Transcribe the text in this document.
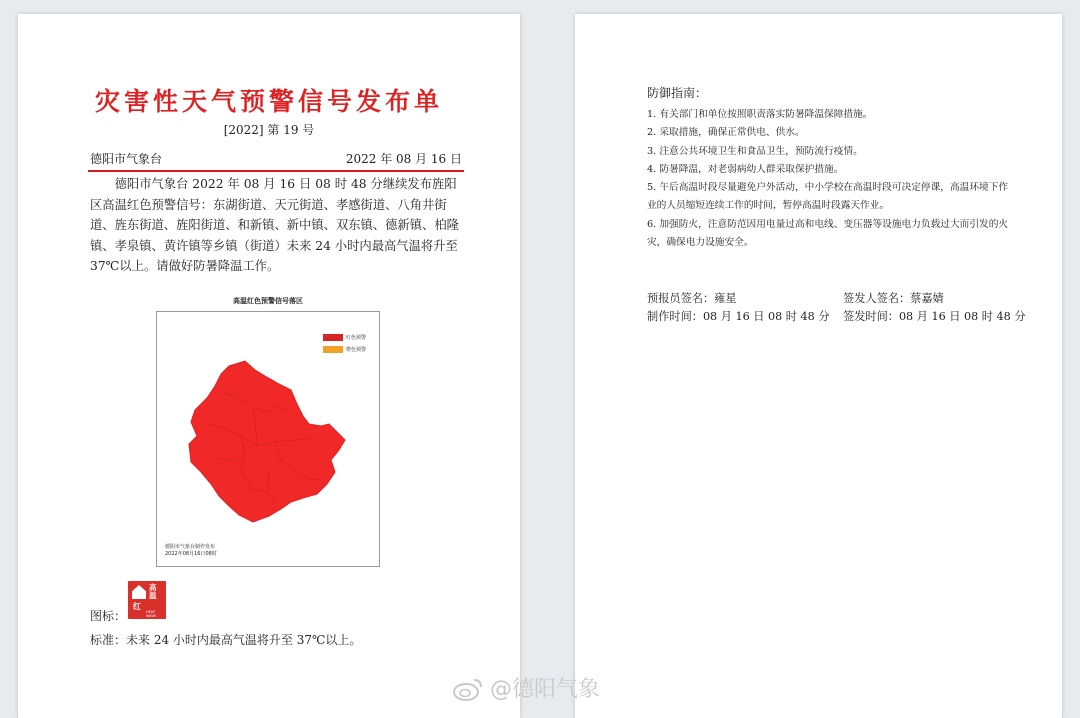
灾害性天气预警信号发布单
[2022] 第 19 号
德阳市气象台	2022 年 08 月 16 日
德阳市气象台 2022 年 08 月 16 日 08 时 48 分继续发布旌阳区高温红色预警信号：东湖街道、天元街道、孝感街道、八角井街道、旌东街道、旌阳街道、和新镇、新中镇、双东镇、德新镇、柏隆镇、孝泉镇、黄许镇等乡镇（街道）未来 24 小时内最高气温将升至 37℃以上。请做好防暑降温工作。
高温红色预警信号落区
红色预警
橙色预警
德阳市气象台制作发布
2022年08月16日08时
红
高温
HEAT WAVE
图标：
标准：未来 24 小时内最高气温将升至 37℃以上。
防御指南：
1. 有关部门和单位按照职责落实防暑降温保障措施。
2. 采取措施，确保正常供电、供水。
3. 注意公共环境卫生和食品卫生，预防流行疫情。
4. 防暑降温，对老弱病幼人群采取保护措施。
5. 午后高温时段尽量避免户外活动，中小学校在高温时段可决定停课，高温环境下作业的人员缩短连续工作的时间，暂停高温时段露天作业。
6. 加强防火，注意防范因用电量过高和电线、变压器等设施电力负载过大而引发的火灾，确保电力设施安全。
预报员签名：雍星	签发人签名：蔡嘉婧
制作时间：08 月 16 日 08 时 48 分 签发时间：08 月 16 日 08 时 48 分
@德阳气象
